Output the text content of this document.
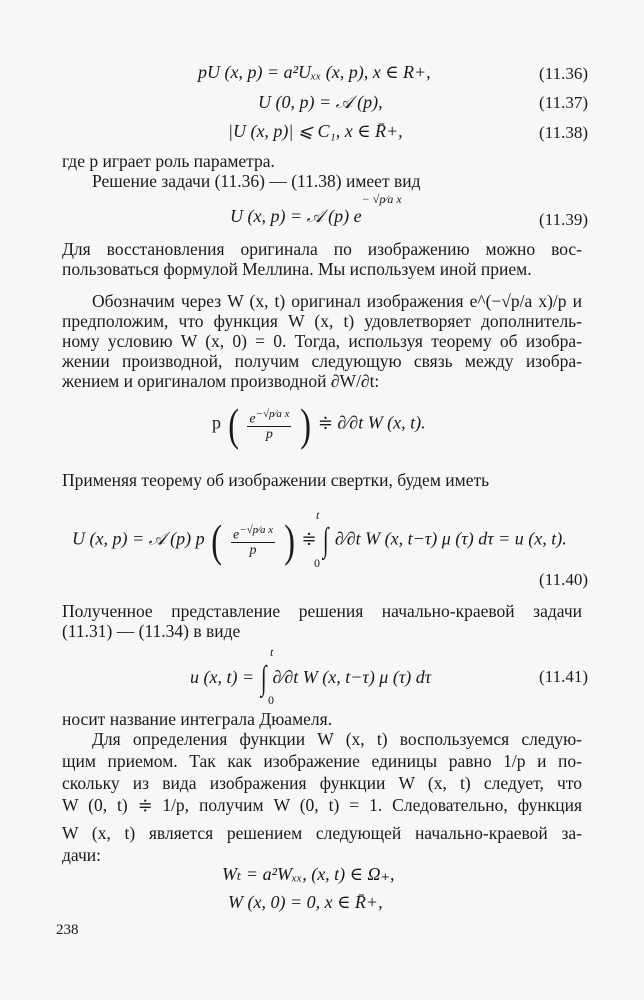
pU (x, p) = a²Uₓₓ (x, p), x ∈ R+,	(11.36)
U (0, p) = 𝒜 (p),	(11.37)
|U (x, p)| ⩽ C₁, x ∈ R̄+,	(11.38)
где p играет роль параметра.
Решение задачи (11.36) — (11.38) имеет вид
U (x, p) = 𝒜 (p) $e^{- √p⁄a x}$
(11.39)
Для восстановления оригинала по изображению можно вос-
пользоваться формулой Меллина. Мы используем иной прием.
Обозначим через W (x, t) оригинал изображения e^(−√p/a x)/p и
предположим, что функция W (x, t) удовлетворяет дополнитель-
ному условию W (x, 0) = 0. Тогда, используя теорему об изобра-
жении производной, получим следующую связь между изобра-
жением и оригиналом производной ∂W/∂t:
p ( $\frac{e^{-√p⁄a x}}{p}$ ) ≑ ∂⁄∂t W (x, t).
Применяя теорему об изображении свертки, будем иметь
U (x, p) = 𝒜 (p) p ( $\frac{e^{-√p⁄a x}}{p}$ ) ≑ ∫ ∂⁄∂t W (x, t−τ) μ (τ) dτ = u (x, t).
t
0
(11.40)
Полученное представление решения начально-краевой задачи
(11.31) — (11.34) в виде
u (x, t) = ∫ ∂⁄∂t W (x, t−τ) μ (τ) dτ
t
0
(11.41)
носит название интеграла Дюамеля.
Для определения функции W (x, t) воспользуемся следую-
щим приемом. Так как изображение единицы равно 1/p и по-
скольку из вида изображения функции W (x, t) следует, что
W (0, t) ≑ 1/p, получим W (0, t) = 1. Следовательно, функция
W (x, t) является решением следующей начально-краевой за-
дачи:
Wₜ = a²Wₓₓ, (x, t) ∈ Ω₊,
W (x, 0) = 0, x ∈ R̄+,
238
